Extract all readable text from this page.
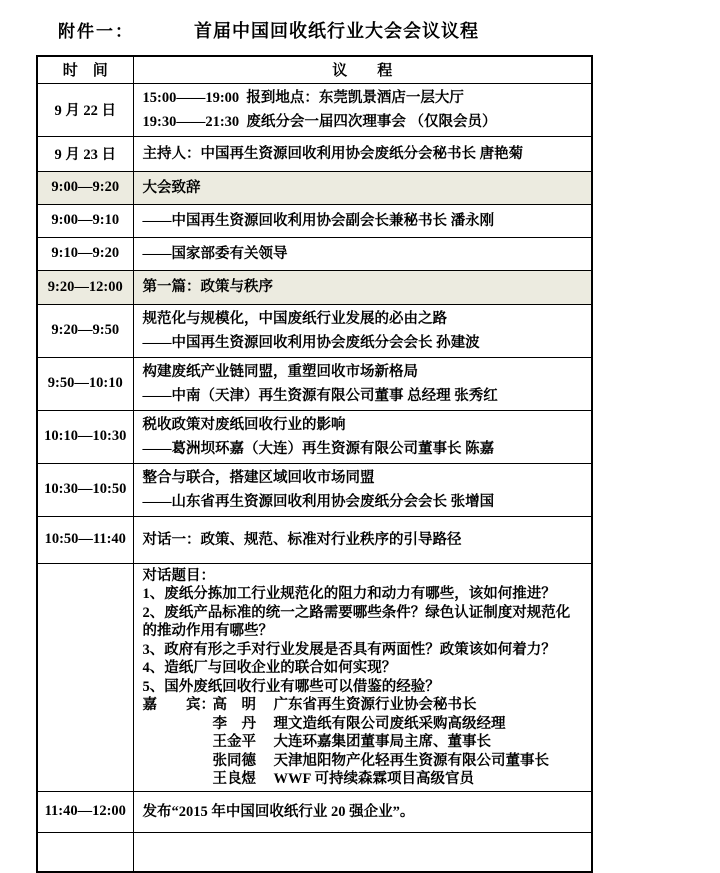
附件一：	首届中国回收纸行业大会会议议程
时　间	议　　程
9 月 22 日	15:00——19:00  报到地点：东莞凯景酒店一层大厅
19:30——21:30  废纸分会一届四次理事会 （仅限会员）

9 月 23 日	主持人：中国再生资源回收利用协会废纸分会秘书长 唐艳菊

9:00—9:20	大会致辞

9:00—9:10	——中国再生资源回收利用协会副会长兼秘书长 潘永刚

9:10—9:20	——国家部委有关领导

9:20—12:00	第一篇：政策与秩序

9:20—9:50	规范化与规模化，中国废纸行业发展的必由之路
——中国再生资源回收利用协会废纸分会会长 孙建波

9:50—10:10	构建废纸产业链同盟，重塑回收市场新格局
——中南（天津）再生资源有限公司董事 总经理 张秀红

10:10—10:30	税收政策对废纸回收行业的影响
——葛洲坝环嘉（大连）再生资源有限公司董事长 陈嘉

10:30—10:50	整合与联合，搭建区域回收市场同盟
——山东省再生资源回收利用协会废纸分会会长 张增国

10:50—11:40	对话一：政策、规范、标准对行业秩序的引导路径

对话题目：
1、废纸分拣加工行业规范化的阻力和动力有哪些，该如何推进？
2、废纸产品标准的统一之路需要哪些条件？绿色认证制度对规范化的推动作用有哪些？
3、政府有形之手对行业发展是否具有两面性？政策该如何着力？
4、造纸厂与回收企业的联合如何实现？
5、国外废纸回收行业有哪些可以借鉴的经验？
嘉　　宾：
高　明 广东省再生资源行业协会秘书长
李　丹 理文造纸有限公司废纸采购高级经理
王金平 大连环嘉集团董事局主席、董事长
张同德 天津旭阳物产化轻再生资源有限公司董事长
王良煜 WWF 可持续森霖项目高级官员

11:40—12:00	发布“2015 年中国回收纸行业 20 强企业”。
